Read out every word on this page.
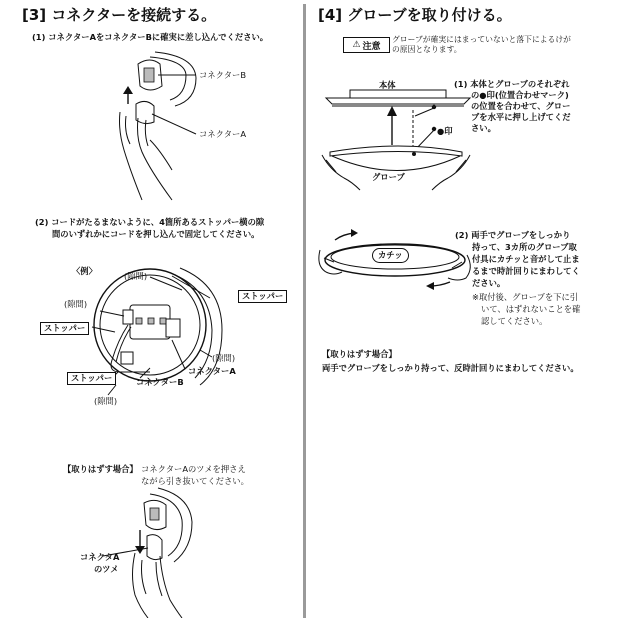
[3] コネクターを接続する。
(1) コネクターAをコネクターBに確実に差し込んでください。
コネクターB
コネクターA
(2) コードがたるまないように、4箇所あるストッパー横の隙
間のいずれかにコードを押し込んで固定してください。
〈例〉	(隙間)
ストッパー
(隙間)
ストッパー
(隙間)
ストッパー
コネクターA
コネクターB
(隙間)
【取りはずす場合】 コネクターAのツメを押さえ
ながら引き抜いてください。
コネクタA
のツメ
[4] グローブを取り付ける。
⚠ 注意
グローブが確実にはまっていないと落下によるけが
の原因となります。
本体
●印
グローブ
(1) 本体とグローブのそれぞれ
の●印(位置合わせマーク)
の位置を合わせて、グロー
ブを水平に押し上げてくだ
さい。
カチッ
(2) 両手でグローブをしっかり
持って、3カ所のグローブ取
付具にカチッと音がして止ま
るまで時計回りにまわしてく
ださい。
※取付後、グローブを下に引
いて、はずれないことを確
認してください。
【取りはずす場合】
両手でグローブをしっかり持って、反時計回りにまわしてください。
